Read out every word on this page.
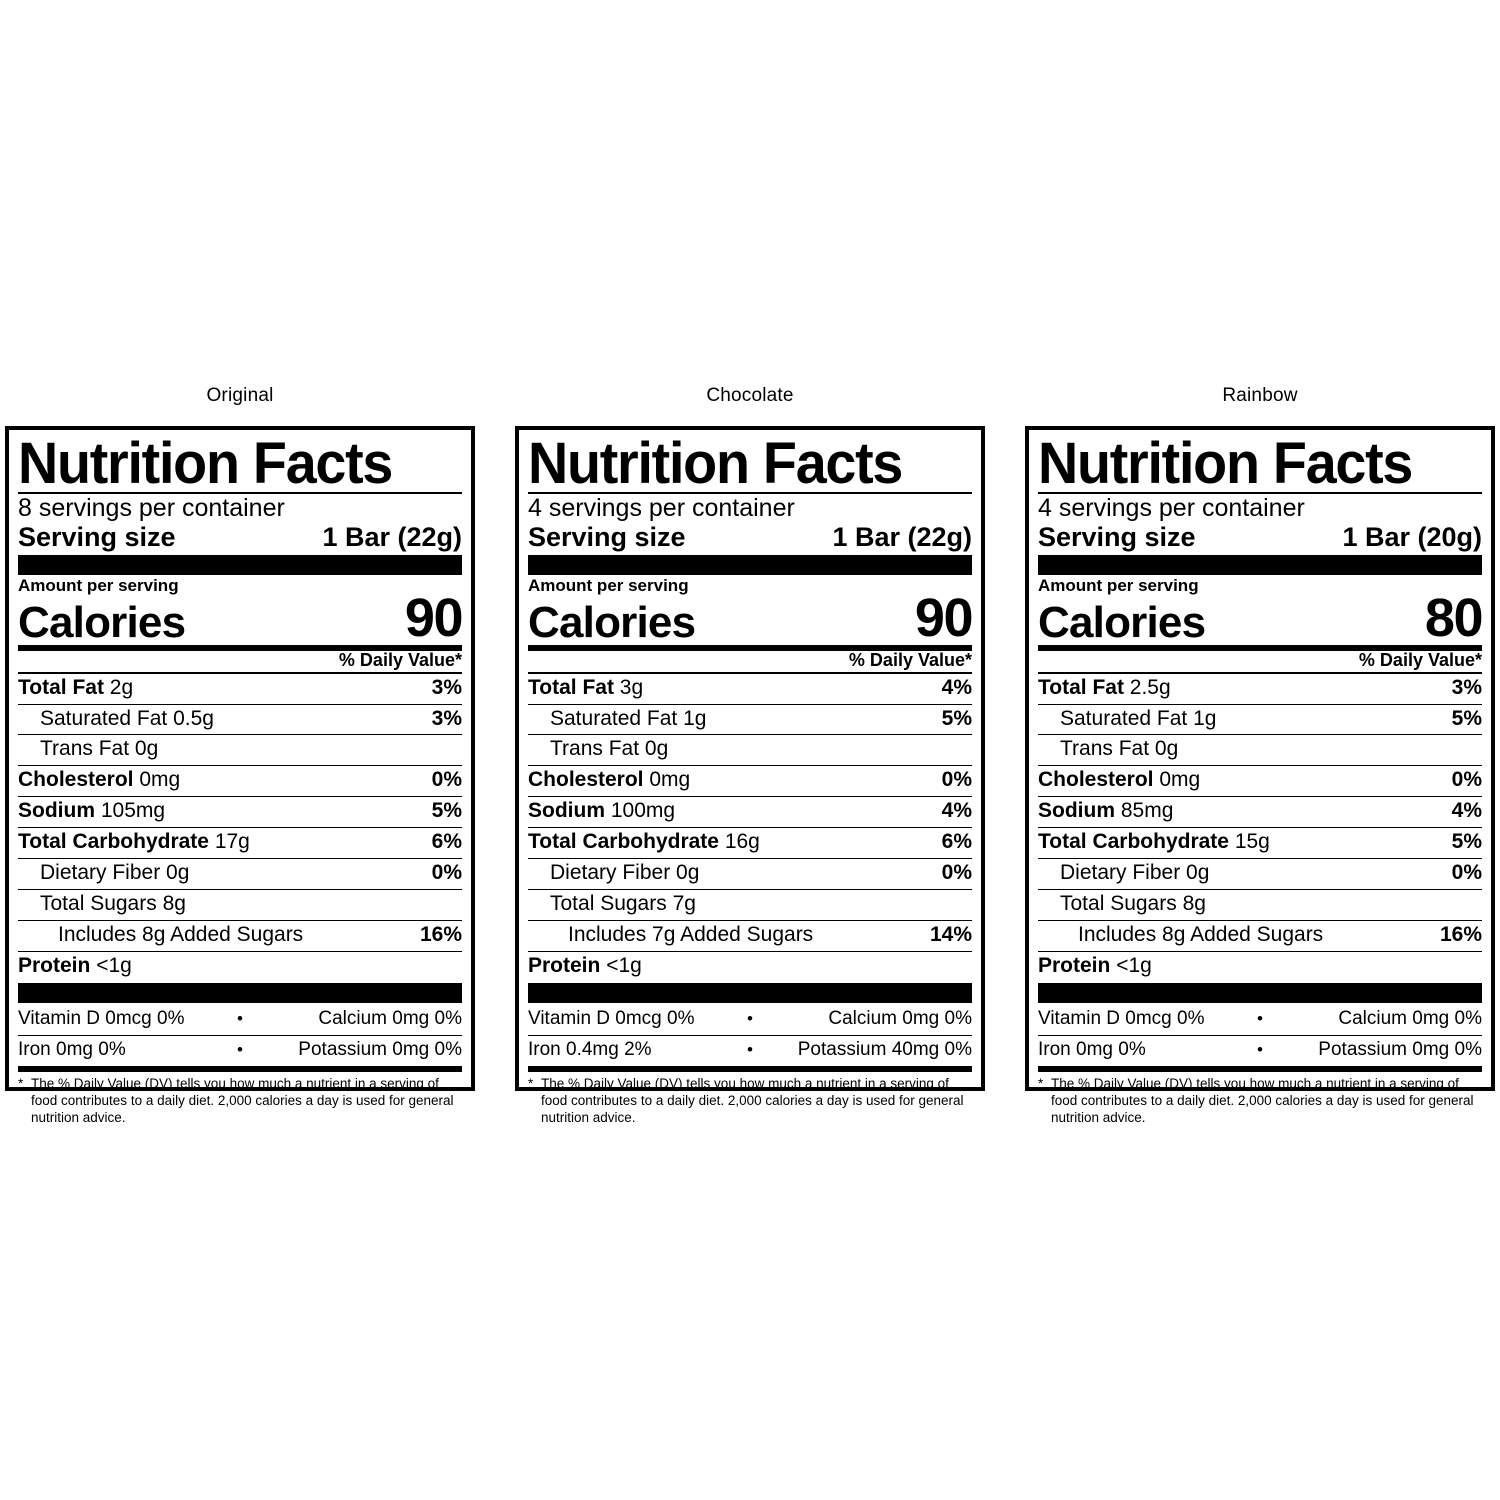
Original
Nutrition Facts
8 servings per container
Serving size	1 Bar (22g)
Amount per serving
Calories	90
% Daily Value*
Total Fat 2g	3%
Saturated Fat 0.5g	3%
Trans Fat 0g
Cholesterol 0mg	0%
Sodium 105mg	5%
Total Carbohydrate 17g	6%
Dietary Fiber 0g	0%
Total Sugars 8g
Includes 8g Added Sugars	16%
Protein <1g
Vitamin D 0mcg 0%	•	Calcium 0mg 0%
Iron 0mg 0%	•	Potassium 0mg 0%
* The % Daily Value (DV) tells you how much a nutrient in a serving of food contributes to a daily diet. 2,000 calories a day is used for general nutrition advice.
Chocolate
Nutrition Facts
4 servings per container
Serving size	1 Bar (22g)
Amount per serving
Calories	90
% Daily Value*
Total Fat 3g	4%
Saturated Fat 1g	5%
Trans Fat 0g
Cholesterol 0mg	0%
Sodium 100mg	4%
Total Carbohydrate 16g	6%
Dietary Fiber 0g	0%
Total Sugars 7g
Includes 7g Added Sugars	14%
Protein <1g
Vitamin D 0mcg 0%	•	Calcium 0mg 0%
Iron 0.4mg 2%	•	Potassium 40mg 0%
* The % Daily Value (DV) tells you how much a nutrient in a serving of food contributes to a daily diet. 2,000 calories a day is used for general nutrition advice.
Rainbow
Nutrition Facts
4 servings per container
Serving size	1 Bar (20g)
Amount per serving
Calories	80
% Daily Value*
Total Fat 2.5g	3%
Saturated Fat 1g	5%
Trans Fat 0g
Cholesterol 0mg	0%
Sodium 85mg	4%
Total Carbohydrate 15g	5%
Dietary Fiber 0g	0%
Total Sugars 8g
Includes 8g Added Sugars	16%
Protein <1g
Vitamin D 0mcg 0%	•	Calcium 0mg 0%
Iron 0mg 0%	•	Potassium 0mg 0%
* The % Daily Value (DV) tells you how much a nutrient in a serving of food contributes to a daily diet. 2,000 calories a day is used for general nutrition advice.
